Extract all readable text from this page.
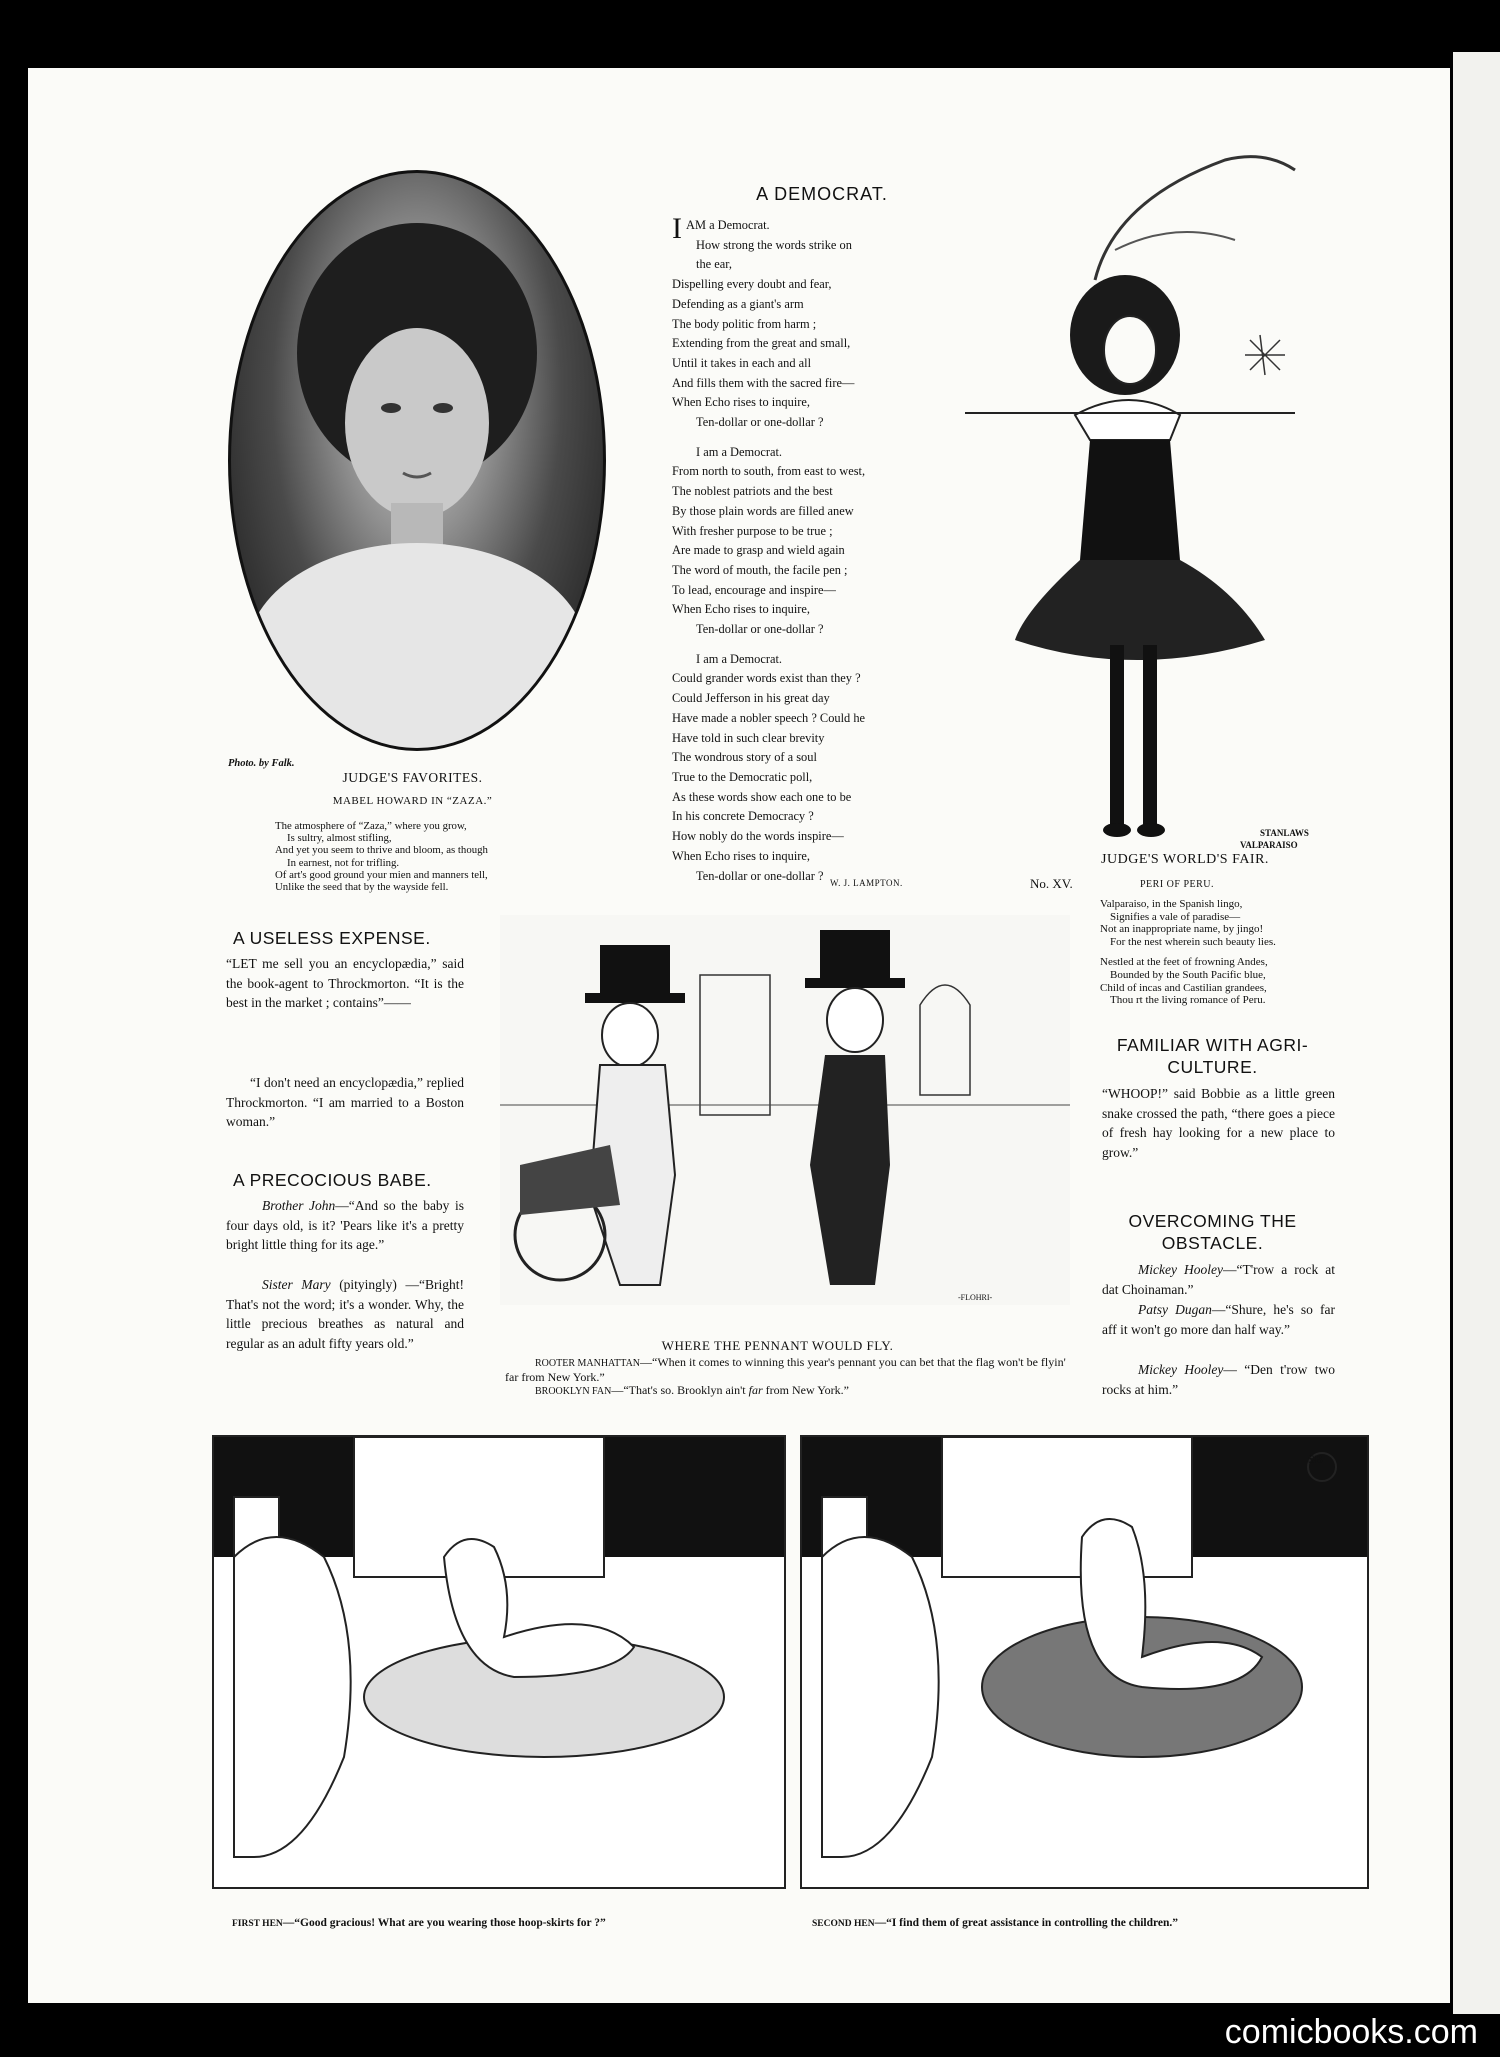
Photo. by Falk.
JUDGE'S FAVORITES.
MABEL HOWARD IN “ZAZA.”
The atmosphere of “Zaza,” where you grow,
Is sultry, almost stifling,
And yet you seem to thrive and bloom, as though
In earnest, not for trifling.
Of art's good ground your mien and manners tell,
Unlike the seed that by the wayside fell.
A DEMOCRAT.
IAM a Democrat.
How strong the words strike on
the ear,
Dispelling every doubt and fear,
Defending as a giant's arm
The body politic from harm ;
Extending from the great and small,
Until it takes in each and all
And fills them with the sacred fire—
When Echo rises to inquire,
Ten-dollar or one-dollar ?
I am a Democrat.
From north to south, from east to west,
The noblest patriots and the best
By those plain words are filled anew
With fresher purpose to be true ;
Are made to grasp and wield again
The word of mouth, the facile pen ;
To lead, encourage and inspire—
When Echo rises to inquire,
Ten-dollar or one-dollar ?
I am a Democrat.
Could grander words exist than they ?
Could Jefferson in his great day
Have made a nobler speech ? Could he
Have told in such clear brevity
The wondrous story of a soul
True to the Democratic poll,
As these words show each one to be
In his concrete Democracy ?
How nobly do the words inspire—
When Echo rises to inquire,
Ten-dollar or one-dollar ?
W. J. LAMPTON.
STANLAWS
VALPARAISO
JUDGE'S WORLD'S FAIR.
No. XV.	PERI OF PERU.
Valparaiso, in the Spanish lingo,
Signifies a vale of paradise—
Not an inappropriate name, by jingo!
For the nest wherein such beauty lies.
Nestled at the feet of frowning Andes,
Bounded by the South Pacific blue,
Child of incas and Castilian grandees,
Thou rt the living romance of Peru.
A USELESS EXPENSE.
“LET me sell you an encyclopædia,” said the book-agent to Throckmorton. “It is the best in the market ; contains”——
“I don't need an encyclopædia,” replied Throckmorton. “I am married to a Boston woman.”
A PRECOCIOUS BABE.
Brother John—“And so the baby is four days old, is it? 'Pears like it's a pretty bright little thing for its age.”
Sister Mary (pityingly) —“Bright! That's not the word; it's a wonder. Why, the little precious breathes as natural and regular as an adult fifty years old.”
-FLOHRI-
WHERE THE PENNANT WOULD FLY.
ROOTER MANHATTAN—“When it comes to winning this year's pennant you can bet that the flag won't be flyin' far from New York.”
BROOKLYN FAN—“That's so. Brooklyn ain't far from New York.”
FAMILIAR WITH AGRI-
CULTURE.
“WHOOP!” said Bobbie as a little green snake crossed the path, “there goes a piece of fresh hay looking for a new place to grow.”
OVERCOMING THE
OBSTACLE.
Mickey Hooley—“T'row a rock at dat Choinaman.”
Patsy Dugan—“Shure, he's so far aff it won't go more dan half way.”
Mickey Hooley— “Den t'row two rocks at him.”
SB
FIRST HEN—“Good gracious! What are you wearing those hoop-skirts for ?”	SECOND HEN—“I find them of great assistance in controlling the children.”
comicbooks.com
